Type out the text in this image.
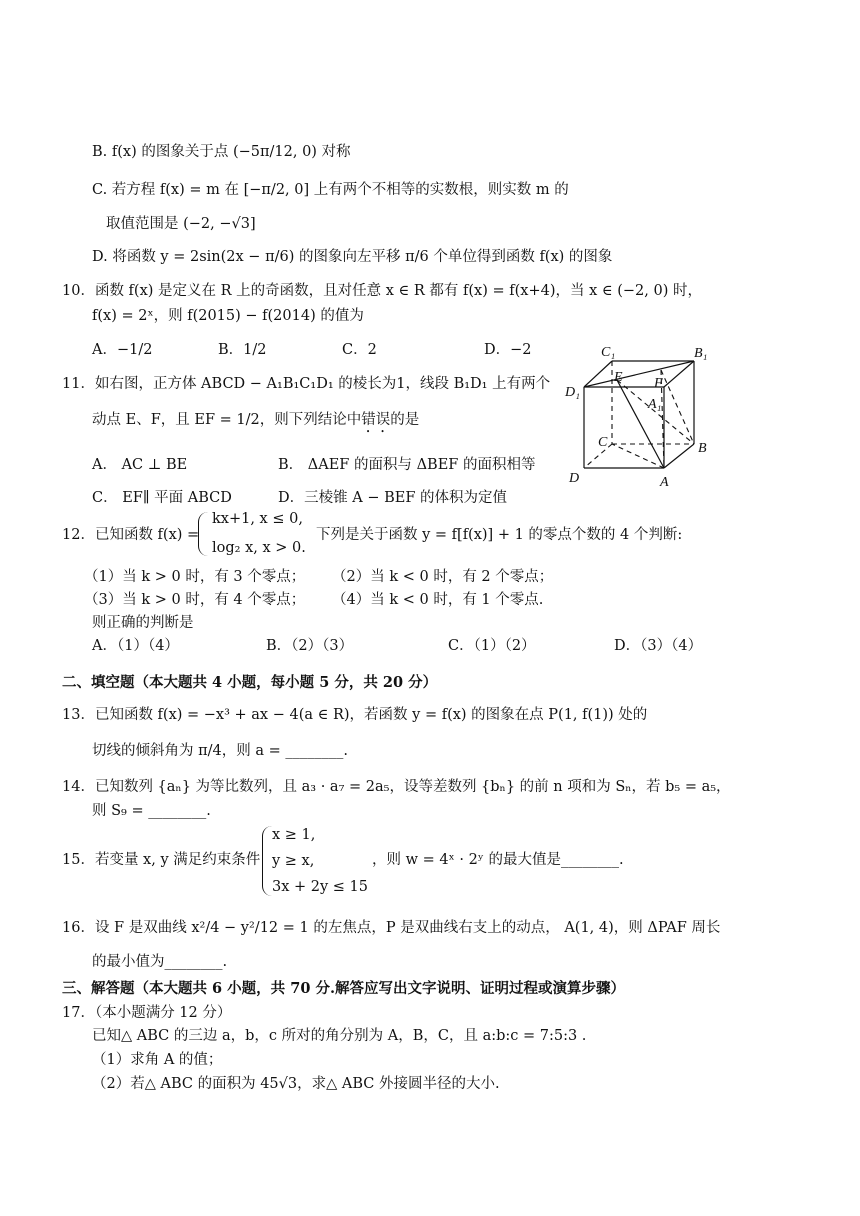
B. f(x) 的图象关于点 (−5π/12, 0) 对称
C. 若方程 f(x) = m 在 [−π/2, 0] 上有两个不相等的实数根，则实数 m 的
取值范围是 (−2, −√3]
D. 将函数 y = 2sin(2x − π/6) 的图象向左平移 π/6 个单位得到函数 f(x) 的图象
10．函数 f(x) 是定义在 R 上的奇函数，且对任意 x ∈ R 都有 f(x) = f(x+4)，当 x ∈ (−2, 0) 时，
f(x) = 2ˣ，则 f(2015) − f(2014) 的值为
A．−1/2	B．1/2	C．2	D．−2
11．如右图，正方体 ABCD − A₁B₁C₁D₁ 的棱长为1，线段 B₁D₁ 上有两个
动点 E、F，且 EF = 1/2，则下列结论中错误的是
A． AC ⊥ BE	B． ΔAEF 的面积与 ΔBEF 的面积相等
C． EF∥ 平面 ABCD	D．三棱锥 A − BEF 的体积为定值
C₁	B₁
D₁
A₁
E F
C	B
D	A
12．已知函数 f(x) =
kx+1, x ≤ 0,
log₂ x, x > 0.
下列是关于函数 y = f[f(x)] + 1 的零点个数的 4 个判断:
（1）当 k > 0 时，有 3 个零点； （2）当 k < 0 时，有 2 个零点；
（3）当 k > 0 时，有 4 个零点； （4）当 k < 0 时，有 1 个零点.
则正确的判断是
A．（1）（4）	B．（2）（3）	C．（1）（2）	D．（3）（4）
二、填空题（本大题共 4 小题，每小题 5 分，共 20 分）
13．已知函数 f(x) = −x³ + ax − 4(a ∈ R)，若函数 y = f(x) 的图象在点 P(1, f(1)) 处的
切线的倾斜角为 π/4，则 a = ________.
14．已知数列 {aₙ} 为等比数列，且 a₃ · a₇ = 2a₅，设等差数列 {bₙ} 的前 n 项和为 Sₙ，若 b₅ = a₅，
则 S₉ = ________.
15．若变量 x, y 满足约束条件
x ≥ 1,
y ≥ x,
3x + 2y ≤ 15
，则 w = 4ˣ · 2ʸ 的最大值是________.
16．设 F 是双曲线 x²/4 − y²/12 = 1 的左焦点，P 是双曲线右支上的动点， A(1, 4)，则 ΔPAF 周长
的最小值为________.
三、解答题（本大题共 6 小题，共 70 分.解答应写出文字说明、证明过程或演算步骤）
17．（本小题满分 12 分）
已知△ ABC 的三边 a，b，c 所对的角分别为 A，B，C，且 a:b:c = 7:5:3 .
（1）求角 A 的值；
（2）若△ ABC 的面积为 45√3，求△ ABC 外接圆半径的大小.
